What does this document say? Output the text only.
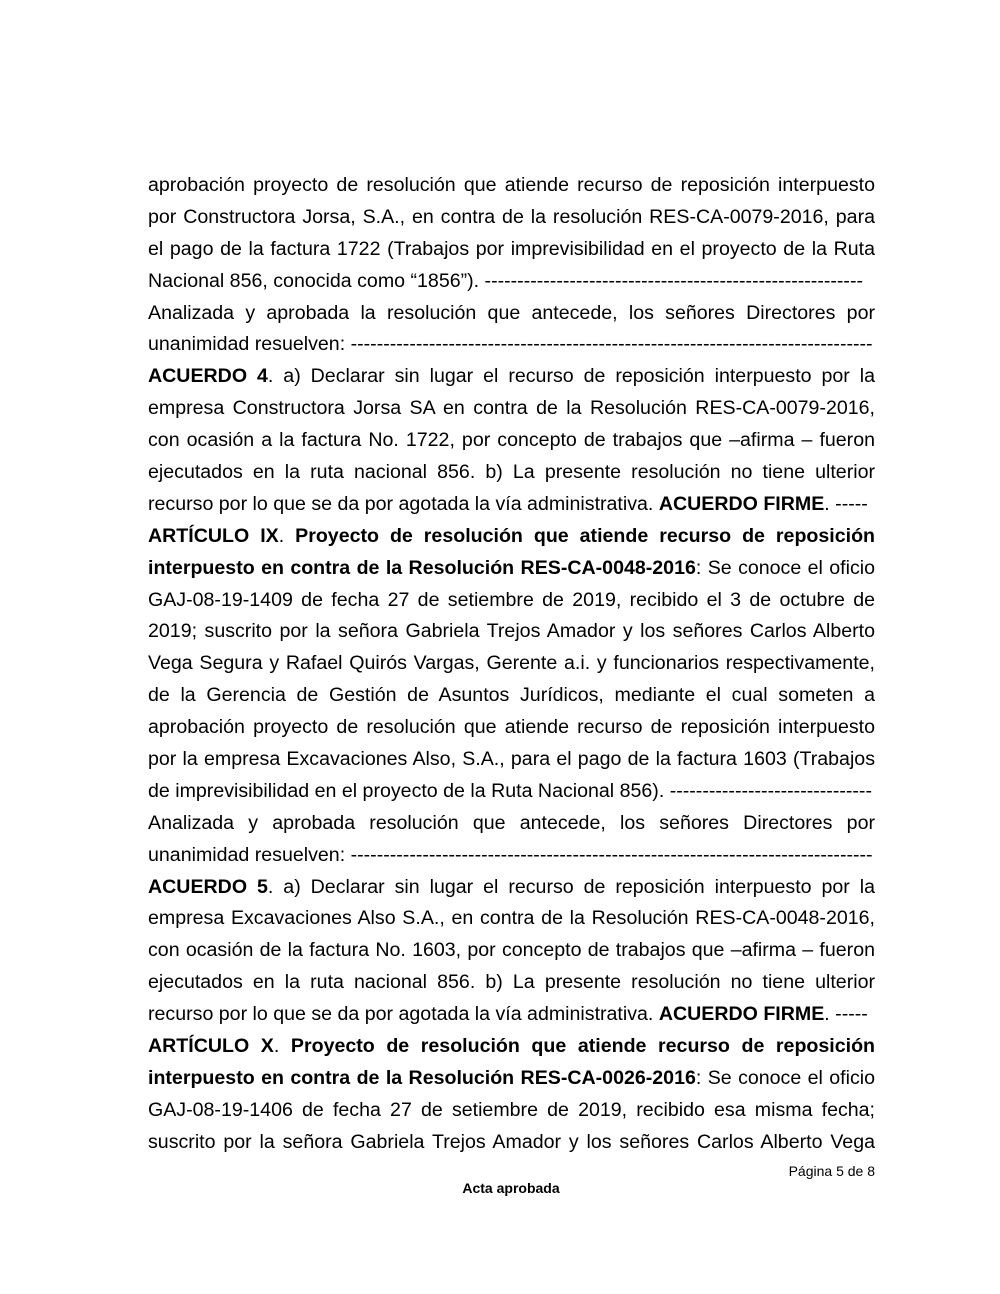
aprobación proyecto de resolución que atiende recurso de reposición interpuesto
por Constructora Jorsa, S.A., en contra de la resolución RES-CA-0079-2016, para
el pago de la factura 1722 (Trabajos por imprevisibilidad en el proyecto de la Ruta
Nacional 856, conocida como “1856”). ----------------------------------------------------------
Analizada y aprobada la resolución que antecede, los señores Directores por
unanimidad resuelven: --------------------------------------------------------------------------------
ACUERDO 4. a) Declarar sin lugar el recurso de reposición interpuesto por la
empresa Constructora Jorsa SA en contra de la Resolución RES-CA-0079-2016,
con ocasión a la factura No. 1722, por concepto de trabajos que –afirma – fueron
ejecutados en la ruta nacional 856. b) La presente resolución no tiene ulterior
recurso por lo que se da por agotada la vía administrativa. ACUERDO FIRME. -----
ARTÍCULO IX. Proyecto de resolución que atiende recurso de reposición
interpuesto en contra de la Resolución RES-CA-0048-2016: Se conoce el oficio
GAJ-08-19-1409 de fecha 27 de setiembre de 2019, recibido el 3 de octubre de
2019; suscrito por la señora Gabriela Trejos Amador y los señores Carlos Alberto
Vega Segura y Rafael Quirós Vargas, Gerente a.i. y funcionarios respectivamente,
de la Gerencia de Gestión de Asuntos Jurídicos, mediante el cual someten a
aprobación proyecto de resolución que atiende recurso de reposición interpuesto
por la empresa Excavaciones Also, S.A., para el pago de la factura 1603 (Trabajos
de imprevisibilidad en el proyecto de la Ruta Nacional 856). -------------------------------
Analizada y aprobada resolución que antecede, los señores Directores por
unanimidad resuelven: --------------------------------------------------------------------------------
ACUERDO 5. a) Declarar sin lugar el recurso de reposición interpuesto por la
empresa Excavaciones Also S.A., en contra de la Resolución RES-CA-0048-2016,
con ocasión de la factura No. 1603, por concepto de trabajos que –afirma – fueron
ejecutados en la ruta nacional 856. b) La presente resolución no tiene ulterior
recurso por lo que se da por agotada la vía administrativa. ACUERDO FIRME. -----
ARTÍCULO X. Proyecto de resolución que atiende recurso de reposición
interpuesto en contra de la Resolución RES-CA-0026-2016: Se conoce el oficio
GAJ-08-19-1406 de fecha 27 de setiembre de 2019, recibido esa misma fecha;
suscrito por la señora Gabriela Trejos Amador y los señores Carlos Alberto Vega
Página 5 de 8
Acta aprobada
